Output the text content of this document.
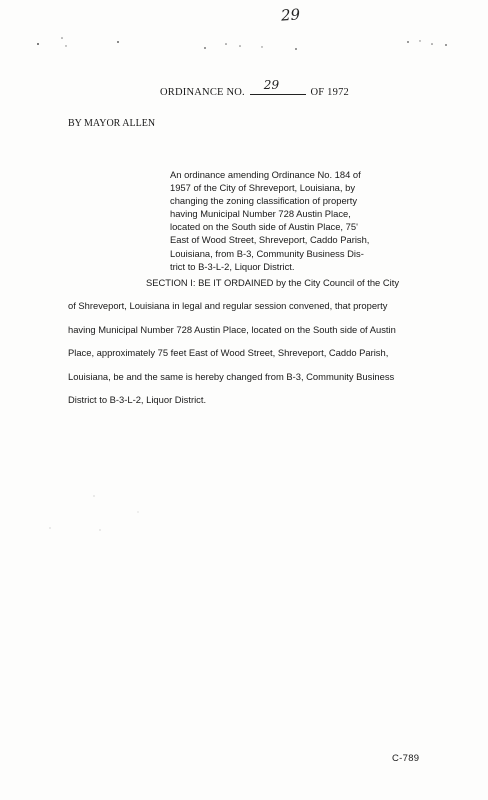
29
ORDINANCE NO.
29
OF 1972
BY MAYOR ALLEN
An ordinance amending Ordinance No. 184 of
1957 of the City of Shreveport, Louisiana, by
changing the zoning classification of property
having Municipal Number 728 Austin Place,
located on the South side of Austin Place, 75'
East of Wood Street, Shreveport, Caddo Parish,
Louisiana, from B-3, Community Business Dis-
trict to B-3-L-2, Liquor District.
SECTION I: BE IT ORDAINED by the City Council of the City
of Shreveport, Louisiana in legal and regular session convened, that property
having Municipal Number 728 Austin Place, located on the South side of Austin
Place, approximately 75 feet East of Wood Street, Shreveport, Caddo Parish,
Louisiana, be and the same is hereby changed from B-3, Community Business
District to B-3-L-2, Liquor District.
C-789
